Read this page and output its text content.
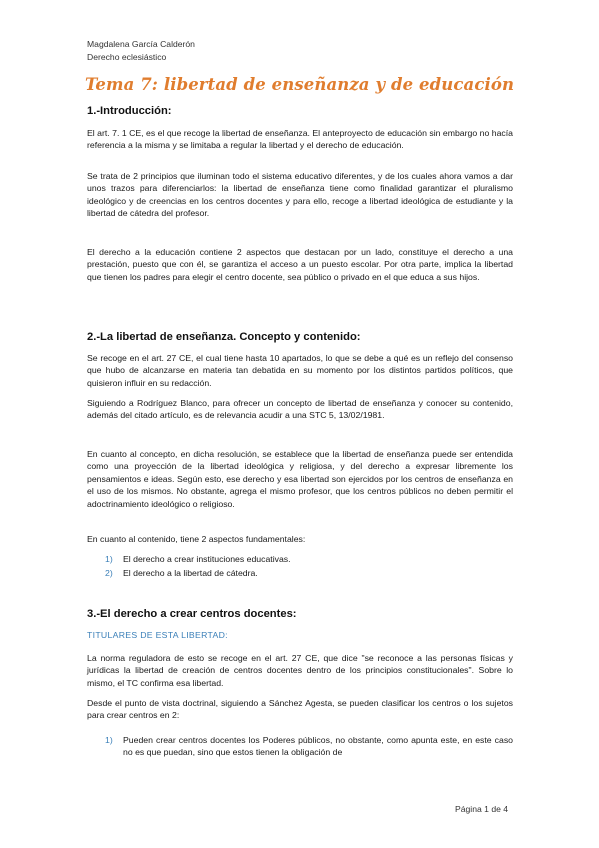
Magdalena García Calderón
Derecho eclesiástico
Tema 7: libertad de enseñanza y de educación
1.-Introducción:

El art. 7. 1 CE, es el que recoge la libertad de enseñanza. El anteproyecto de educación sin embargo no hacía referencia a la misma y se limitaba a regular la libertad y el derecho de educación.

Se trata de 2 principios que iluminan todo el sistema educativo diferentes, y de los cuales ahora vamos a dar unos trazos para diferenciarlos: la libertad de enseñanza tiene como finalidad garantizar el pluralismo ideológico y de creencias en los centros docentes y para ello, recoge a libertad ideológica de estudiante y la libertad de cátedra del profesor.

El derecho a la educación contiene 2 aspectos que destacan por un lado, constituye el derecho a una prestación, puesto que con él, se garantiza el acceso a un puesto escolar. Por otra parte, implica la libertad que tienen los padres para elegir el centro docente, sea público o privado en el que educa a sus hijos.

2.-La libertad de enseñanza. Concepto y contenido:

Se recoge en el art. 27 CE, el cual tiene hasta 10 apartados, lo que se debe a qué es un reflejo del consenso que hubo de alcanzarse en materia tan debatida en su momento por los distintos partidos políticos, que quisieron influir en su redacción.

Siguiendo a Rodríguez Blanco, para ofrecer un concepto de libertad de enseñanza y conocer su contenido, además del citado artículo, es de relevancia acudir a una STC 5, 13/02/1981.

En cuanto al concepto, en dicha resolución, se establece que la libertad de enseñanza puede ser entendida como una proyección de la libertad ideológica y religiosa, y del derecho a expresar libremente los pensamientos e ideas. Según esto, ese derecho y esa libertad son ejercidos por los centros de enseñanza en el uso de los mismos. No obstante, agrega el mismo profesor, que los centros públicos no deben permitir el adoctrinamiento ideológico o religioso.

En cuanto al contenido, tiene 2 aspectos fundamentales:

1)	El derecho a crear instituciones educativas.
2)	El derecho a la libertad de cátedra.
3.-El derecho a crear centros docentes:
TITULARES DE ESTA LIBERTAD:

La norma reguladora de esto se recoge en el art. 27 CE, que dice "se reconoce a las personas físicas y jurídicas la libertad de creación de centros docentes dentro de los principios constitucionales". Sobre lo mismo, el TC confirma esa libertad.

Desde el punto de vista doctrinal, siguiendo a Sánchez Agesta, se pueden clasificar los centros o los sujetos para crear centros en 2:

1)	Pueden crear centros docentes los Poderes públicos, no obstante, como apunta este, en este caso no es que puedan, sino que estos tienen la obligación de
Página 1 de 4
